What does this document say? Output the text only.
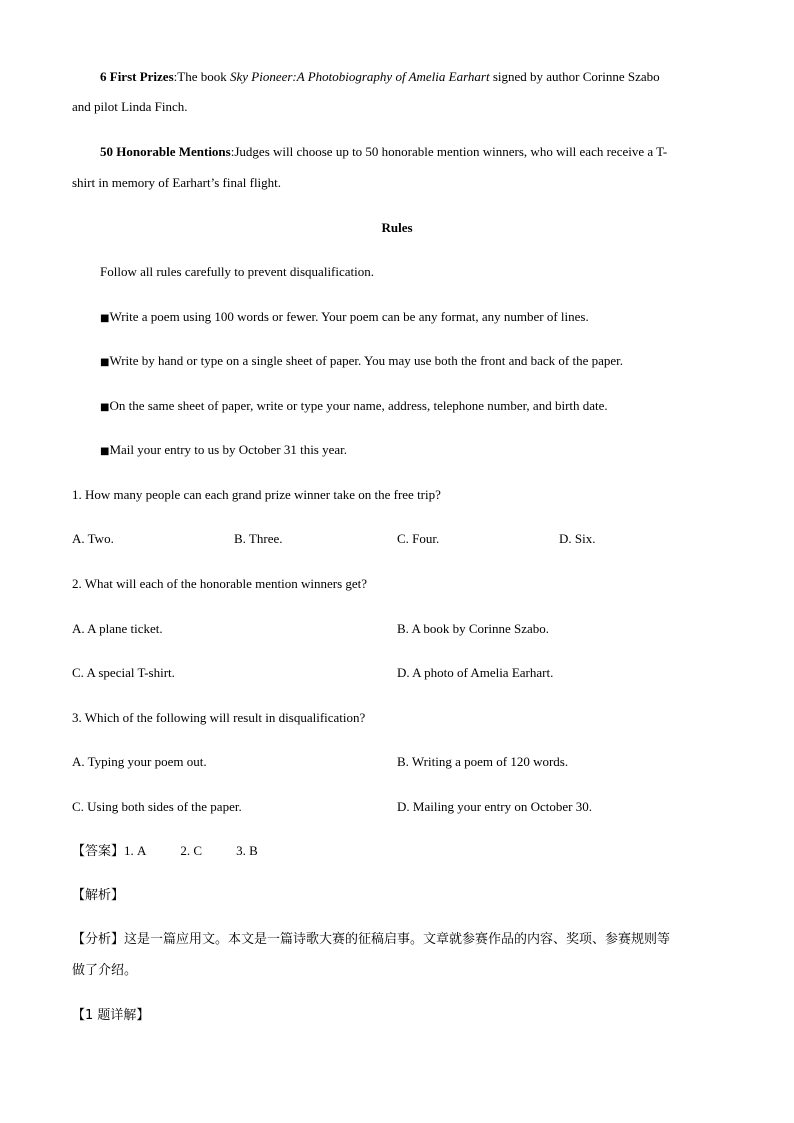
6 First Prizes:The book Sky Pioneer:A Photobiography of Amelia Earhart signed by author Corinne Szabo
and pilot Linda Finch.
50 Honorable Mentions:Judges will choose up to 50 honorable mention winners, who will each receive a T-
shirt in memory of Earhart’s final flight.
Rules
Follow all rules carefully to prevent disqualification.
■Write a poem using 100 words or fewer. Your poem can be any format, any number of lines.
■Write by hand or type on a single sheet of paper. You may use both the front and back of the paper.
■On the same sheet of paper, write or type your name, address, telephone number, and birth date.
■Mail your entry to us by October 31 this year.
1. How many people can each grand prize winner take on the free trip?
A. Two.	B. Three.	C. Four.	D. Six.
2. What will each of the honorable mention winners get?
A. A plane ticket.	B. A book by Corinne Szabo.
C. A special T-shirt.	D. A photo of Amelia Earhart.
3. Which of the following will result in disqualification?
A. Typing your poem out.	B. Writing a poem of 120 words.
C. Using both sides of the paper.	D. Mailing your entry on October 30.
【答案】1. A	2. C	3. B
【解析】
【分析】这是一篇应用文。本文是一篇诗歌大赛的征稿启事。文章就参赛作品的内容、奖项、参赛规则等
做了介绍。
【1 题详解】
